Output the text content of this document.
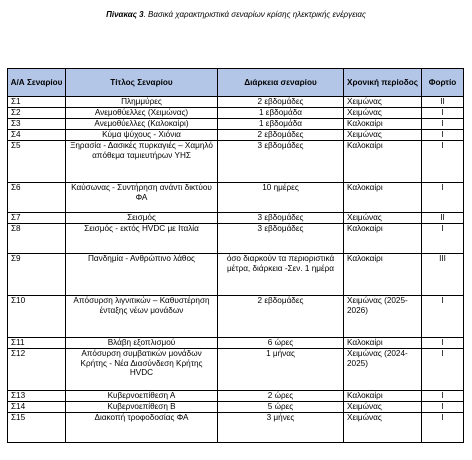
Πίνακας 3. Βασικά χαρακτηριστικά σεναρίων κρίσης ηλεκτρικής ενέργειας
Α/Α Σεναρίου	Τίτλος Σεναρίου	Διάρκεια σεναρίου	Χρονική περίοδος	Φορτίο
Σ1	Πλημμύρες	2 εβδομάδες	Χειμώνας	II
Σ2	Ανεμοθύελλες (Χειμώνας)	1 εβδομάδα	Χειμώνας	I
Σ3	Ανεμοθύελλες (Καλοκαίρι)	1 εβδομάδα	Καλοκαίρι	I
Σ4	Κύμα ψύχους - Χιόνια	2 εβδομάδες	Χειμώνας	I
Σ5	Ξηρασία - Δασικές πυρκαγιές – Χαμηλό απόθεμα ταμιευτήρων ΥΗΣ	3 εβδομάδες	Καλοκαίρι	I
Σ6	Καύσωνας - Συντήρηση ανάντι δικτύου ΦΑ	10 ημέρες	Καλοκαίρι	I
Σ7	Σεισμός	3 εβδομάδες	Χειμώνας	II
Σ8	Σεισμός - εκτός HVDC με Ιταλία	3 εβδομάδες	Καλοκαίρι	I
Σ9	Πανδημία - Ανθρώπινο λάθος	όσο διαρκούν τα περιοριστικά μέτρα, διάρκεια -Σεν. 1 ημέρα	Καλοκαίρι	III
Σ10	Απόσυρση λιγνιτικών – Καθυστέρηση ένταξης νέων μονάδων	2 εβδομάδες	Χειμώνας (2025-2026)	I
Σ11	Βλάβη εξοπλισμού	6 ώρες	Καλοκαίρι	I
Σ12	Απόσυρση συμβατικών μονάδων Κρήτης - Νέα Διασύνδεση Κρήτης HVDC	1 μήνας	Χειμώνας (2024-2025)	I
Σ13	Κυβερνοεπίθεση Α	2 ώρες	Καλοκαίρι	I
Σ14	Κυβερνοεπίθεση Β	5 ώρες	Χειμώνας	I
Σ15	Διακοπή τροφοδοσίας ΦΑ	3 μήνες	Χειμώνας	I
